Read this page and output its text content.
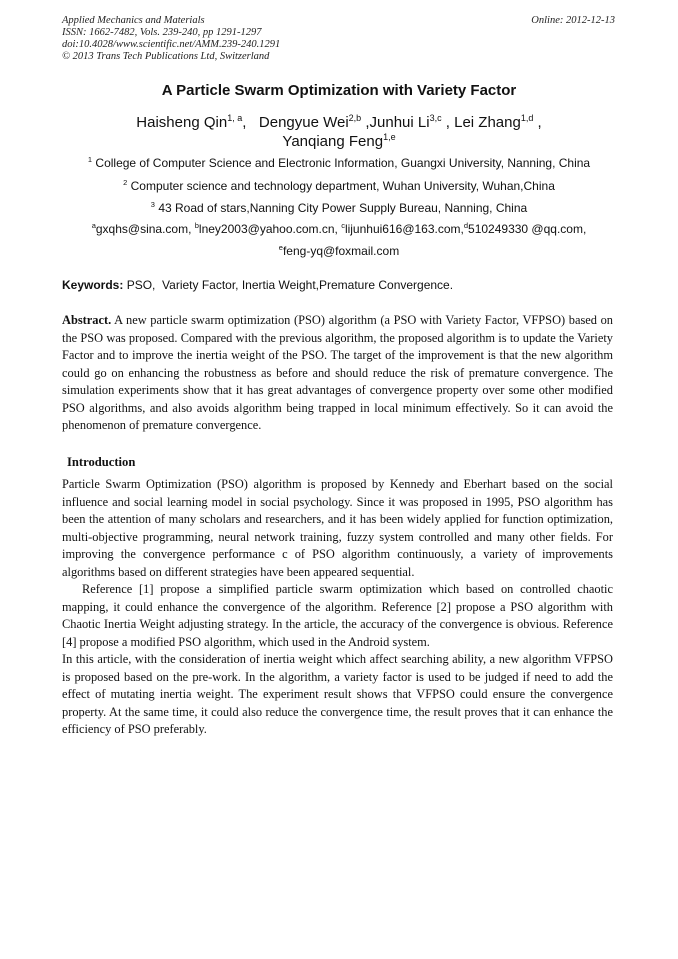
Applied Mechanics and Materials
ISSN: 1662-7482, Vols. 239-240, pp 1291-1297
doi:10.4028/www.scientific.net/AMM.239-240.1291
© 2013 Trans Tech Publications Ltd, Switzerland
Online: 2012-12-13
A Particle Swarm Optimization with Variety Factor
Haisheng Qin$^{1, a}$,   Dengyue Wei$^{2,b}$ ,Junhui Li$^{3,c}$ , Lei Zhang$^{1,d}$ ,
Yanqiang Feng$^{1,e}$
$^1$ College of Computer Science and Electronic Information, Guangxi University, Nanning, China
$^2$ Computer science and technology department, Wuhan University, Wuhan,China
$^3$ 43 Road of stars,Nanning City Power Supply Bureau, Nanning, China
$^a$gxqhs@sina.com, $^b$lney2003@yahoo.com.cn, $^c$lijunhui616@163.com,$^d$510249330 @qq.com,
$^e$feng-yq@foxmail.com
Keywords: PSO,  Variety Factor, Inertia Weight,Premature Convergence.

Abstract. A new particle swarm optimization (PSO) algorithm (a PSO with Variety Factor, VFPSO) based on the PSO was proposed. Compared with the previous algorithm, the proposed algorithm is to update the Variety Factor and to improve the inertia weight of the PSO. The target of the improvement is that the new algorithm could go on enhancing the robustness as before and should reduce the risk of premature convergence. The simulation experiments show that it has great advantages of convergence property over some other modified PSO algorithms, and also avoids algorithm being trapped in local minimum effectively. So it can avoid the phenomenon of premature convergence.

Introduction

Particle Swarm Optimization (PSO) algorithm is proposed by Kennedy and Eberhart based on the social influence and social learning model in social psychology. Since it was proposed in 1995, PSO algorithm has been the attention of many scholars and researchers, and it has been widely applied for function optimization, multi-objective programming, neural network training, fuzzy system controlled and many other fields. For improving the convergence performance c of PSO algorithm continuously, a variety of improvements algorithms based on different strategies have been appeared sequential.

Reference [1] propose a simplified particle swarm optimization which based on controlled chaotic mapping, it could enhance the convergence of the algorithm. Reference [2] propose a PSO algorithm with Chaotic Inertia Weight adjusting strategy. In the article, the accuracy of the convergence is obvious. Reference [4] propose a modified PSO algorithm, which used in the Android system.

In this article, with the consideration of inertia weight which affect searching ability, a new algorithm VFPSO is proposed based on the pre-work. In the algorithm, a variety factor is used to be judged if need to add the effect of mutating inertia weight. The experiment result shows that VFPSO could ensure the convergence property. At the same time, it could also reduce the convergence time, the result proves that it can enhance the efficiency of PSO preferably.
